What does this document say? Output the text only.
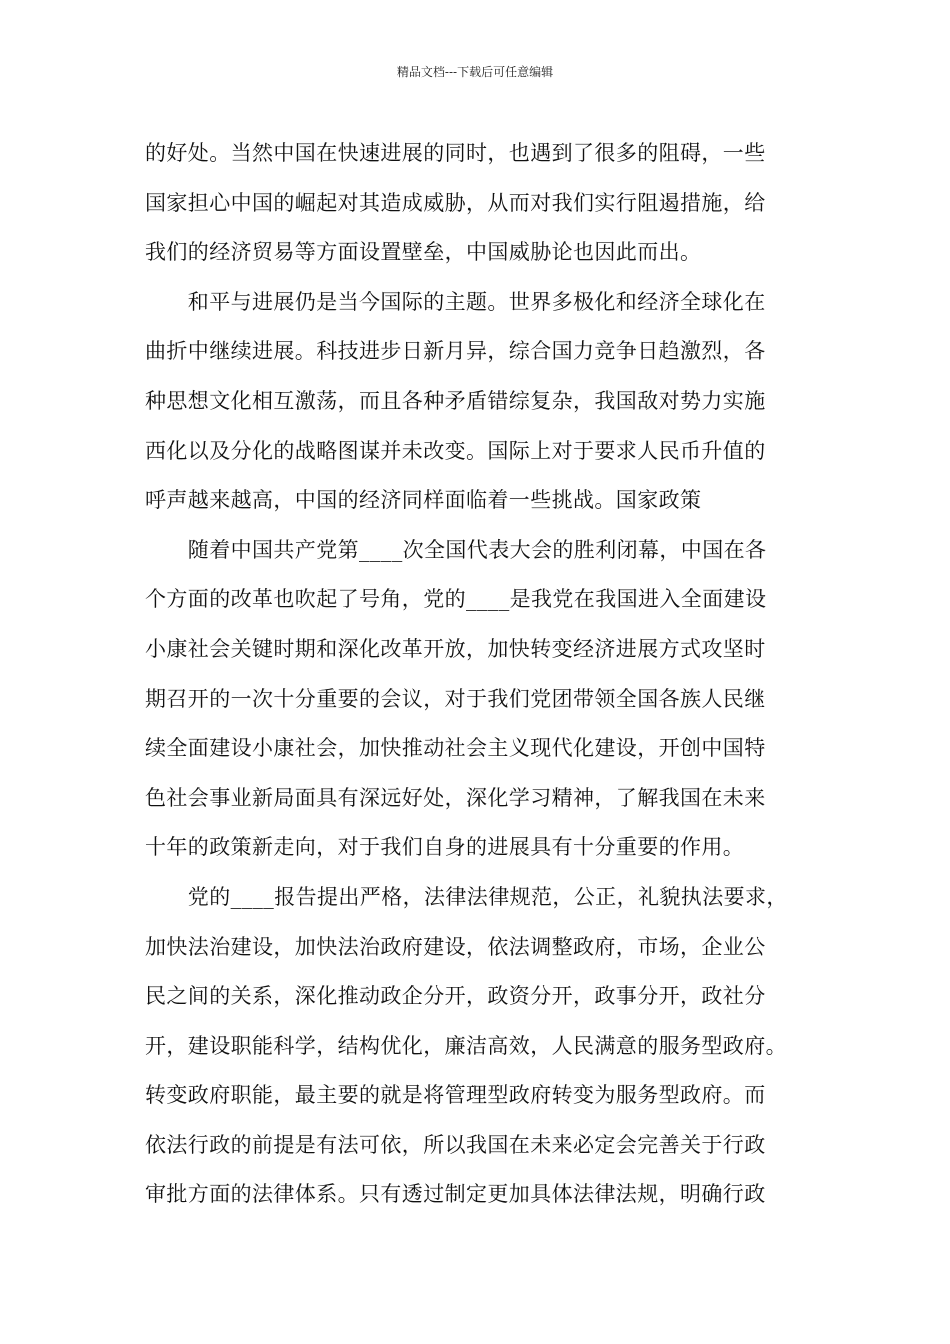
精品文档---下载后可任意编辑
的好处。当然中国在快速进展的同时，也遇到了很多的阻碍，一些
国家担心中国的崛起对其造成威胁，从而对我们实行阻遏措施，给
我们的经济贸易等方面设置壁垒，中国威胁论也因此而出。
　　和平与进展仍是当今国际的主题。世界多极化和经济全球化在
曲折中继续进展。科技进步日新月异，综合国力竞争日趋激烈，各
种思想文化相互激荡，而且各种矛盾错综复杂，我国敌对势力实施
西化以及分化的战略图谋并未改变。国际上对于要求人民币升值的
呼声越来越高，中国的经济同样面临着一些挑战。国家政策
　　随着中国共产党第____次全国代表大会的胜利闭幕，中国在各
个方面的改革也吹起了号角，党的____是我党在我国进入全面建设
小康社会关键时期和深化改革开放，加快转变经济进展方式攻坚时
期召开的一次十分重要的会议，对于我们党团带领全国各族人民继
续全面建设小康社会，加快推动社会主义现代化建设，开创中国特
色社会事业新局面具有深远好处，深化学习精神，了解我国在未来
十年的政策新走向，对于我们自身的进展具有十分重要的作用。
　　党的____报告提出严格，法律法律规范，公正，礼貌执法要求，
加快法治建设，加快法治政府建设，依法调整政府，市场，企业公
民之间的关系，深化推动政企分开，政资分开，政事分开，政社分
开，建设职能科学，结构优化，廉洁高效，人民满意的服务型政府。
转变政府职能，最主要的就是将管理型政府转变为服务型政府。而
依法行政的前提是有法可依，所以我国在未来必定会完善关于行政
审批方面的法律体系。只有透过制定更加具体法律法规，明确行政
